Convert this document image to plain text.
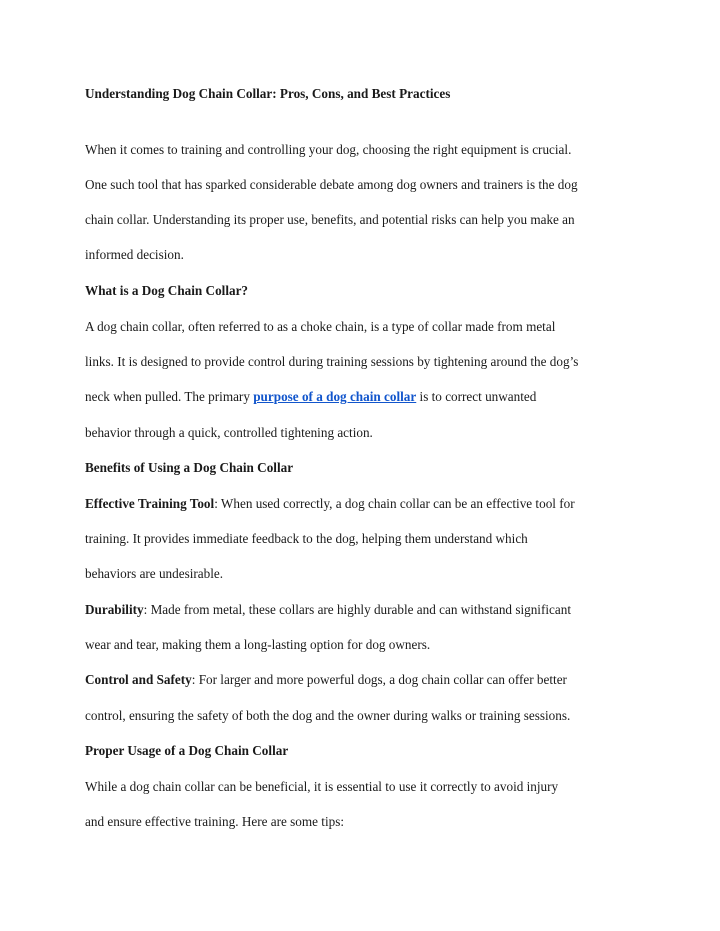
Understanding Dog Chain Collar: Pros, Cons, and Best Practices
When it comes to training and controlling your dog, choosing the right equipment is crucial.
One such tool that has sparked considerable debate among dog owners and trainers is the dog
chain collar. Understanding its proper use, benefits, and potential risks can help you make an
informed decision.
What is a Dog Chain Collar?
A dog chain collar, often referred to as a choke chain, is a type of collar made from metal
links. It is designed to provide control during training sessions by tightening around the dog’s
neck when pulled. The primary purpose of a dog chain collar is to correct unwanted
behavior through a quick, controlled tightening action.
Benefits of Using a Dog Chain Collar
Effective Training Tool: When used correctly, a dog chain collar can be an effective tool for
training. It provides immediate feedback to the dog, helping them understand which
behaviors are undesirable.
Durability: Made from metal, these collars are highly durable and can withstand significant
wear and tear, making them a long-lasting option for dog owners.
Control and Safety: For larger and more powerful dogs, a dog chain collar can offer better
control, ensuring the safety of both the dog and the owner during walks or training sessions.
Proper Usage of a Dog Chain Collar
While a dog chain collar can be beneficial, it is essential to use it correctly to avoid injury
and ensure effective training. Here are some tips:
